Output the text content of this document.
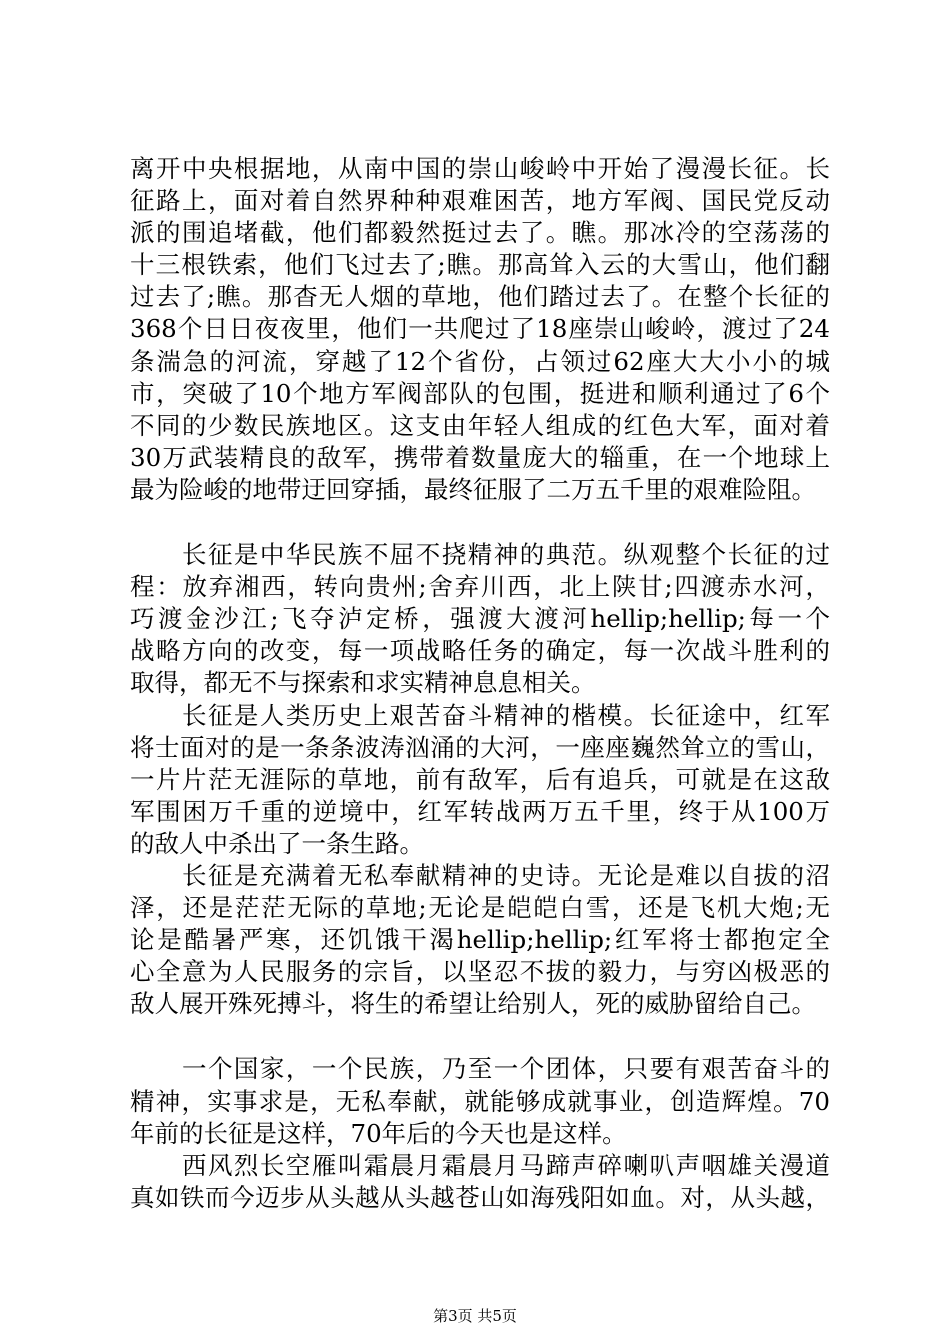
离开中央根据地，从南中国的崇山峻岭中开始了漫漫长征。长
征路上，面对着自然界种种艰难困苦，地方军阀、国民党反动
派的围追堵截，他们都毅然挺过去了。瞧。那冰冷的空荡荡的
十三根铁索，他们飞过去了;瞧。那高耸入云的大雪山，他们翻
过去了;瞧。那杳无人烟的草地，他们踏过去了。在整个长征的
368个日日夜夜里，他们一共爬过了18座崇山峻岭，渡过了24
条湍急的河流，穿越了12个省份，占领过62座大大小小的城
市，突破了10个地方军阀部队的包围，挺进和顺利通过了6个
不同的少数民族地区。这支由年轻人组成的红色大军，面对着
30万武装精良的敌军，携带着数量庞大的辎重，在一个地球上
最为险峻的地带迂回穿插，最终征服了二万五千里的艰难险阻。
　　长征是中华民族不屈不挠精神的典范。纵观整个长征的过
程：放弃湘西，转向贵州;舍弃川西，北上陕甘;四渡赤水河，
巧渡金沙江;飞夺泸定桥，强渡大渡河hellip;hellip;每一个
战略方向的改变，每一项战略任务的确定，每一次战斗胜利的
取得，都无不与探索和求实精神息息相关。
　　长征是人类历史上艰苦奋斗精神的楷模。长征途中，红军
将士面对的是一条条波涛汹涌的大河，一座座巍然耸立的雪山，
一片片茫无涯际的草地，前有敌军，后有追兵，可就是在这敌
军围困万千重的逆境中，红军转战两万五千里，终于从100万
的敌人中杀出了一条生路。
　　长征是充满着无私奉献精神的史诗。无论是难以自拔的沼
泽，还是茫茫无际的草地;无论是皑皑白雪，还是飞机大炮;无
论是酷暑严寒，还饥饿干渴hellip;hellip;红军将士都抱定全
心全意为人民服务的宗旨，以坚忍不拔的毅力，与穷凶极恶的
敌人展开殊死搏斗，将生的希望让给别人，死的威胁留给自己。
　　一个国家，一个民族，乃至一个团体，只要有艰苦奋斗的
精神，实事求是，无私奉献，就能够成就事业，创造辉煌。70
年前的长征是这样，70年后的今天也是这样。
　　西风烈长空雁叫霜晨月霜晨月马蹄声碎喇叭声咽雄关漫道
真如铁而今迈步从头越从头越苍山如海残阳如血。对，从头越，
第3页 共5页
